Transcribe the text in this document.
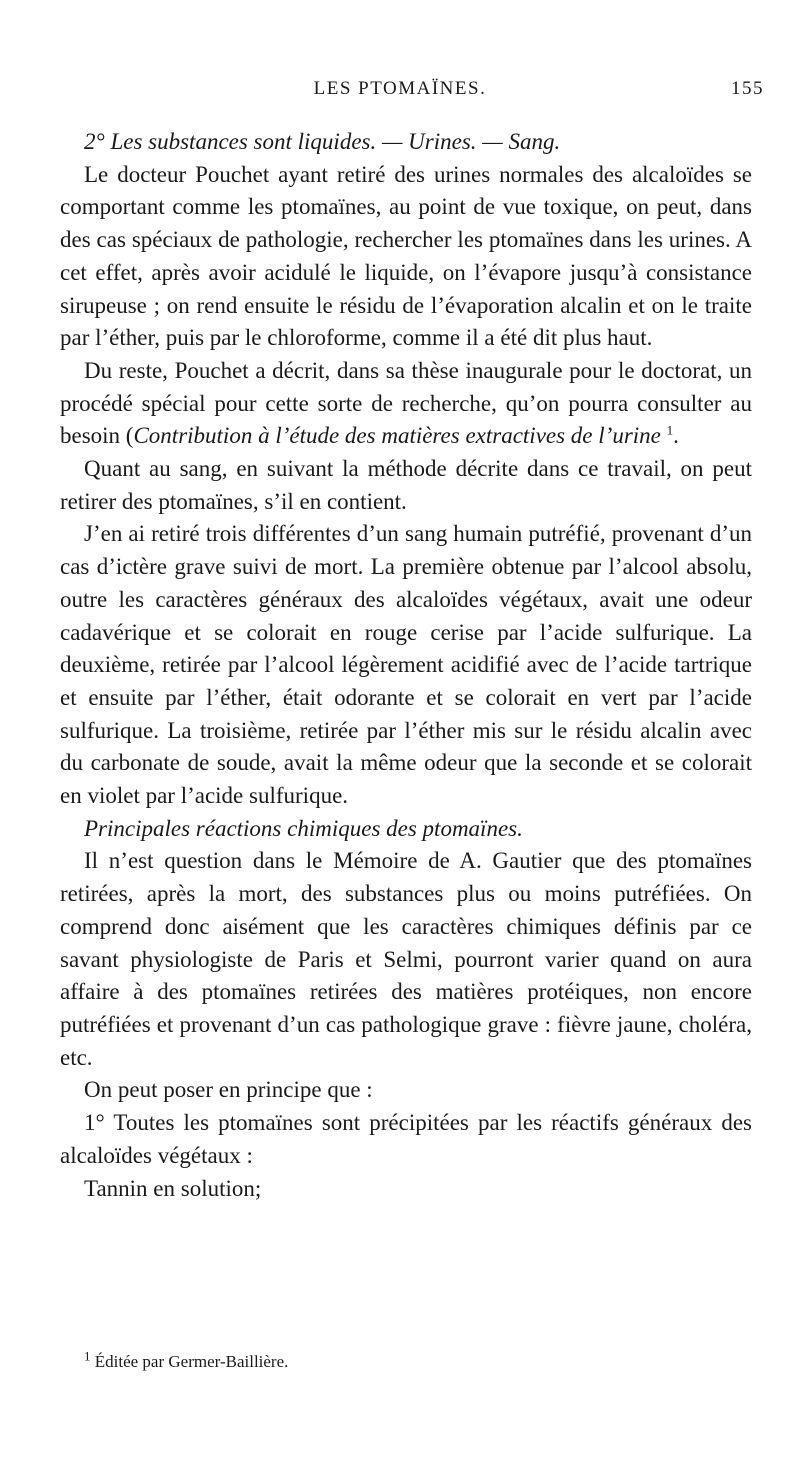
LES PTOMAÏNES.	155

2° Les substances sont liquides. — Urines. — Sang.

Le docteur Pouchet ayant retiré des urines normales des alcaloïdes se comportant comme les ptomaïnes, au point de vue toxique, on peut, dans des cas spéciaux de pathologie, rechercher les ptomaïnes dans les urines. A cet effet, après avoir acidulé le liquide, on l’évapore jusqu’à consistance sirupeuse ; on rend ensuite le résidu de l’évaporation alcalin et on le traite par l’éther, puis par le chloroforme, comme il a été dit plus haut.

Du reste, Pouchet a décrit, dans sa thèse inaugurale pour le doctorat, un procédé spécial pour cette sorte de recherche, qu’on pourra consulter au besoin (Contribution à l’étude des matières extractives de l’urine $^1$.

Quant au sang, en suivant la méthode décrite dans ce travail, on peut retirer des ptomaïnes, s’il en contient.

J’en ai retiré trois différentes d’un sang humain putréfié, provenant d’un cas d’ictère grave suivi de mort. La première obtenue par l’alcool absolu, outre les caractères généraux des alcaloïdes végétaux, avait une odeur cadavérique et se colorait en rouge cerise par l’acide sulfurique. La deuxième, retirée par l’alcool légèrement acidifié avec de l’acide tartrique et ensuite par l’éther, était odorante et se colorait en vert par l’acide sulfurique. La troisième, retirée par l’éther mis sur le résidu alcalin avec du carbonate de soude, avait la même odeur que la seconde et se colorait en violet par l’acide sulfurique.

Principales réactions chimiques des ptomaïnes.

Il n’est question dans le Mémoire de A. Gautier que des ptomaïnes retirées, après la mort, des substances plus ou moins putréfiées. On comprend donc aisément que les caractères chimiques définis par ce savant physiologiste de Paris et Selmi, pourront varier quand on aura affaire à des ptomaïnes retirées des matières protéiques, non encore putréfiées et provenant d’un cas pathologique grave : fièvre jaune, choléra, etc.

On peut poser en principe que :

1° Toutes les ptomaïnes sont précipitées par les réactifs généraux des alcaloïdes végétaux :

Tannin en solution;

$^1$ Éditée par Germer-Baillière.
